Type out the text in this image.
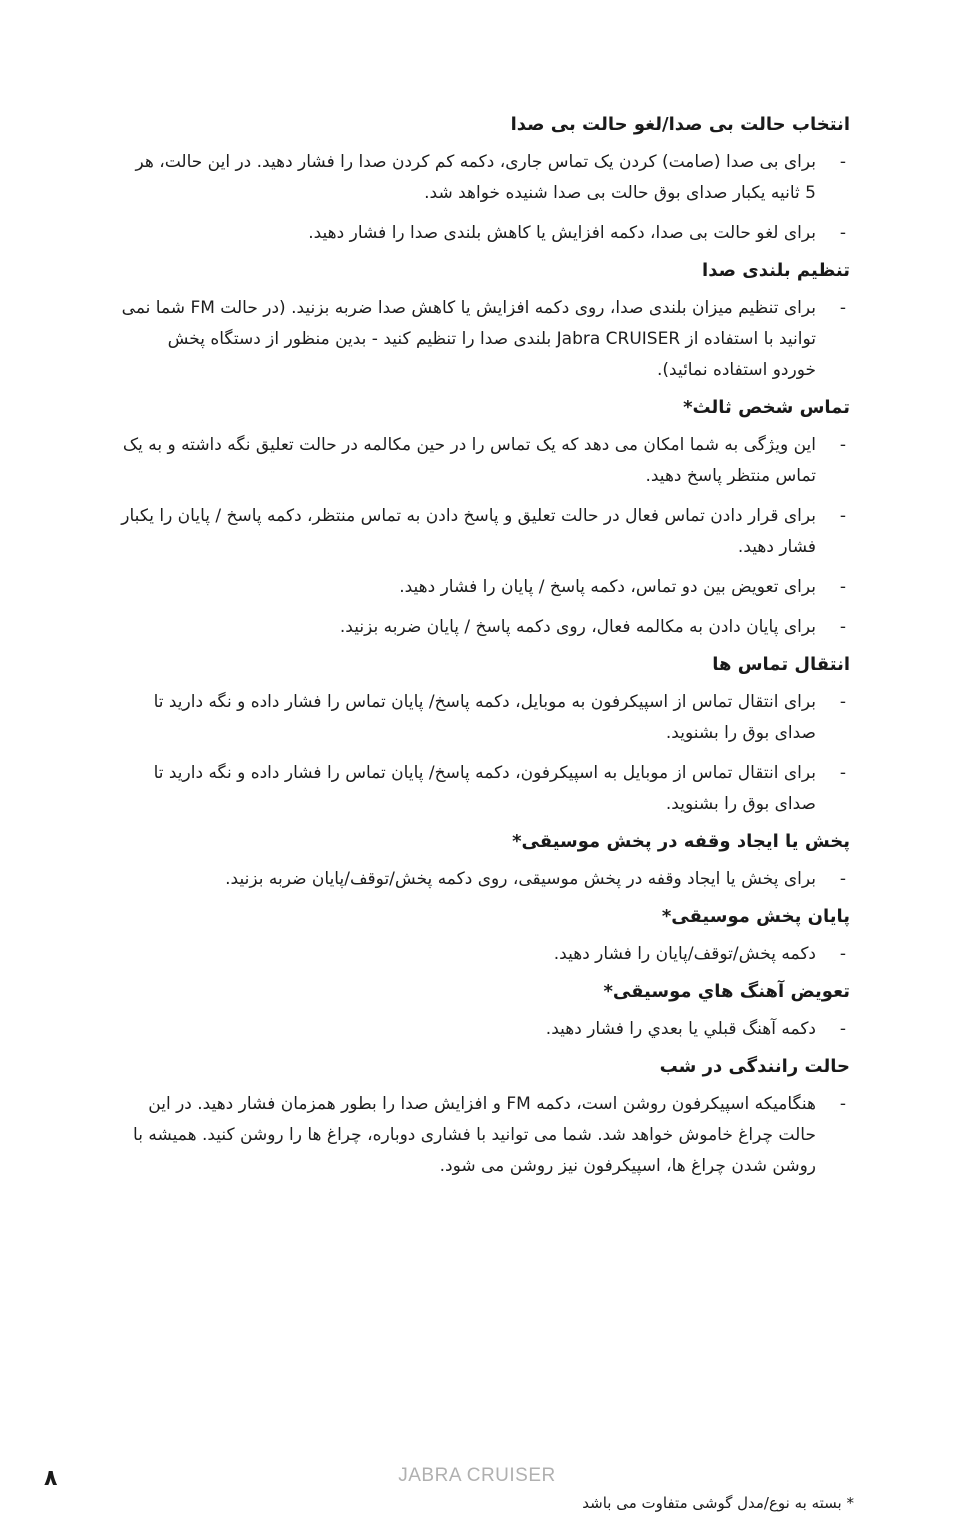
انتخاب حالت بی صدا/لغو حالت بی صدا
-
برای بی صدا (صامت) کردن یک تماس جاری، دکمه کم کردن صدا را فشار دهید. در این حالت، هر 5 ثانیه یکبار صدای بوق حالت بی صدا شنیده خواهد شد.
-
برای لغو حالت بی صدا، دکمه افزایش یا کاهش بلندی صدا را فشار دهید.
تنظیم بلندی صدا
-
برای تنظیم میزان بلندی صدا، روی دکمه افزایش یا کاهش صدا ضربه بزنید. (در حالت FM شما نمی توانید با استفاده از Jabra CRUISER بلندی صدا را تنظیم کنید - بدین منظور از دستگاه پخش خوردو استفاده نمائید).
تماس شخص ثالث*
-
این ویژگی به شما امکان می دهد که یک تماس را در حین مکالمه در حالت تعلیق نگه داشته و به یک تماس منتظر پاسخ دهید.
-
برای قرار دادن تماس فعال در حالت تعلیق و پاسخ دادن به تماس منتظر، دکمه پاسخ / پایان را یکبار فشار دهید.
-
برای تعویض بین دو تماس، دکمه پاسخ / پایان را فشار دهید.
-
برای پایان دادن به مکالمه فعال، روی دکمه پاسخ / پایان ضربه بزنید.
انتقال تماس ها
-
برای انتقال تماس از اسپیکرفون به موبایل، دکمه پاسخ/ پایان تماس را فشار داده و نگه دارید تا صدای بوق را بشنوید.
-
برای انتقال تماس از موبایل به اسپیکرفون، دکمه پاسخ/ پایان تماس را فشار داده و نگه دارید تا صدای بوق را بشنوید.
پخش یا ایجاد وقفه در پخش موسیقی*
-
برای پخش یا ایجاد وقفه در پخش موسیقی، روی دکمه پخش/توقف/پایان ضربه بزنید.
پایان پخش موسیقی*
-
دکمه پخش/توقف/پایان را فشار دهید.
تعویض آهنگ هاي موسیقی*
-
دکمه آهنگ قبلي يا بعدي را فشار دهيد.
حالت رانندگی در شب
-
هنگامیکه اسپیکرفون روشن است، دکمه FM و افزایش صدا را بطور همزمان فشار دهید. در این حالت چراغ خاموش خواهد شد. شما می توانید با فشاری دوباره، چراغ ها را روشن کنید. همیشه با روشن شدن چراغ ها، اسپیکرفون نیز روشن می شود.
٨	JABRA CRUISER
* بسته به نوع/مدل گوشی متفاوت می باشد
